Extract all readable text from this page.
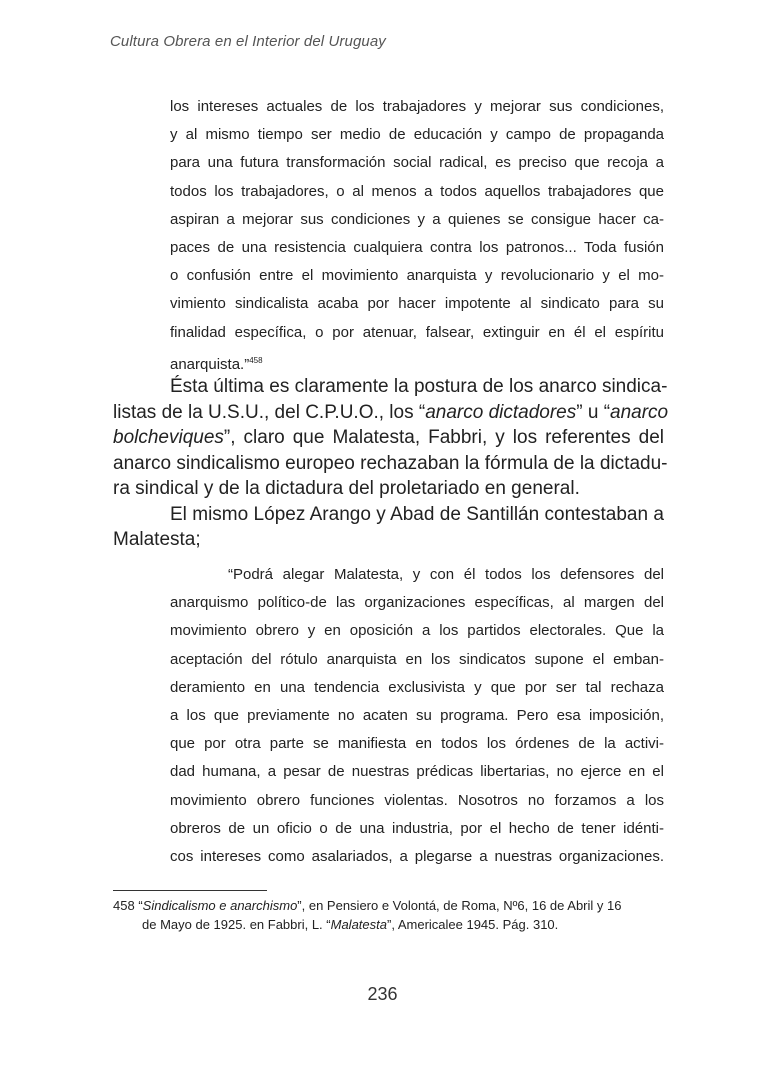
Cultura Obrera en el Interior del Uruguay
los intereses actuales de los trabajadores y mejorar sus condiciones,
y al mismo tiempo ser medio de educación y campo de propaganda
para una futura transformación social radical, es preciso que recoja a
todos los trabajadores, o al menos a todos aquellos trabajadores que
aspiran a mejorar sus condiciones y a quienes se consigue hacer ca-
paces de una resistencia cualquiera contra los patronos... Toda fusión
o confusión entre el movimiento anarquista y revolucionario y el mo-
vimiento sindicalista acaba por hacer impotente al sindicato para su
finalidad específica, o por atenuar, falsear, extinguir en él el espíritu
anarquista.”$^{458}$
Ésta última es claramente la postura de los anarco sindica-
listas de la U.S.U., del C.P.U.O., los “anarco dictadores” u “anarco
bolcheviques”, claro que Malatesta, Fabbri, y los referentes del
anarco sindicalismo europeo rechazaban la fórmula de la dictadu-
ra sindical y de la dictadura del proletariado en general.
El mismo López Arango y Abad de Santillán contestaban a
Malatesta;
“Podrá alegar Malatesta, y con él todos los defensores del
anarquismo político-de las organizaciones específicas, al margen del
movimiento obrero y en oposición a los partidos electorales. Que la
aceptación del rótulo anarquista en los sindicatos supone el emban-
deramiento en una tendencia exclusivista y que por ser tal rechaza
a los que previamente no acaten su programa. Pero esa imposición,
que por otra parte se manifiesta en todos los órdenes de la activi-
dad humana, a pesar de nuestras prédicas libertarias, no ejerce en el
movimiento obrero funciones violentas. Nosotros no forzamos a los
obreros de un oficio o de una industria, por el hecho de tener idénti-
cos intereses como asalariados, a plegarse a nuestras organizaciones.
458 “Sindicalismo e anarchismo”, en Pensiero e Volontá, de Roma, Nº6, 16 de Abril y 16
de Mayo de 1925. en Fabbri, L. “Malatesta”, Americalee 1945. Pág. 310.
236
